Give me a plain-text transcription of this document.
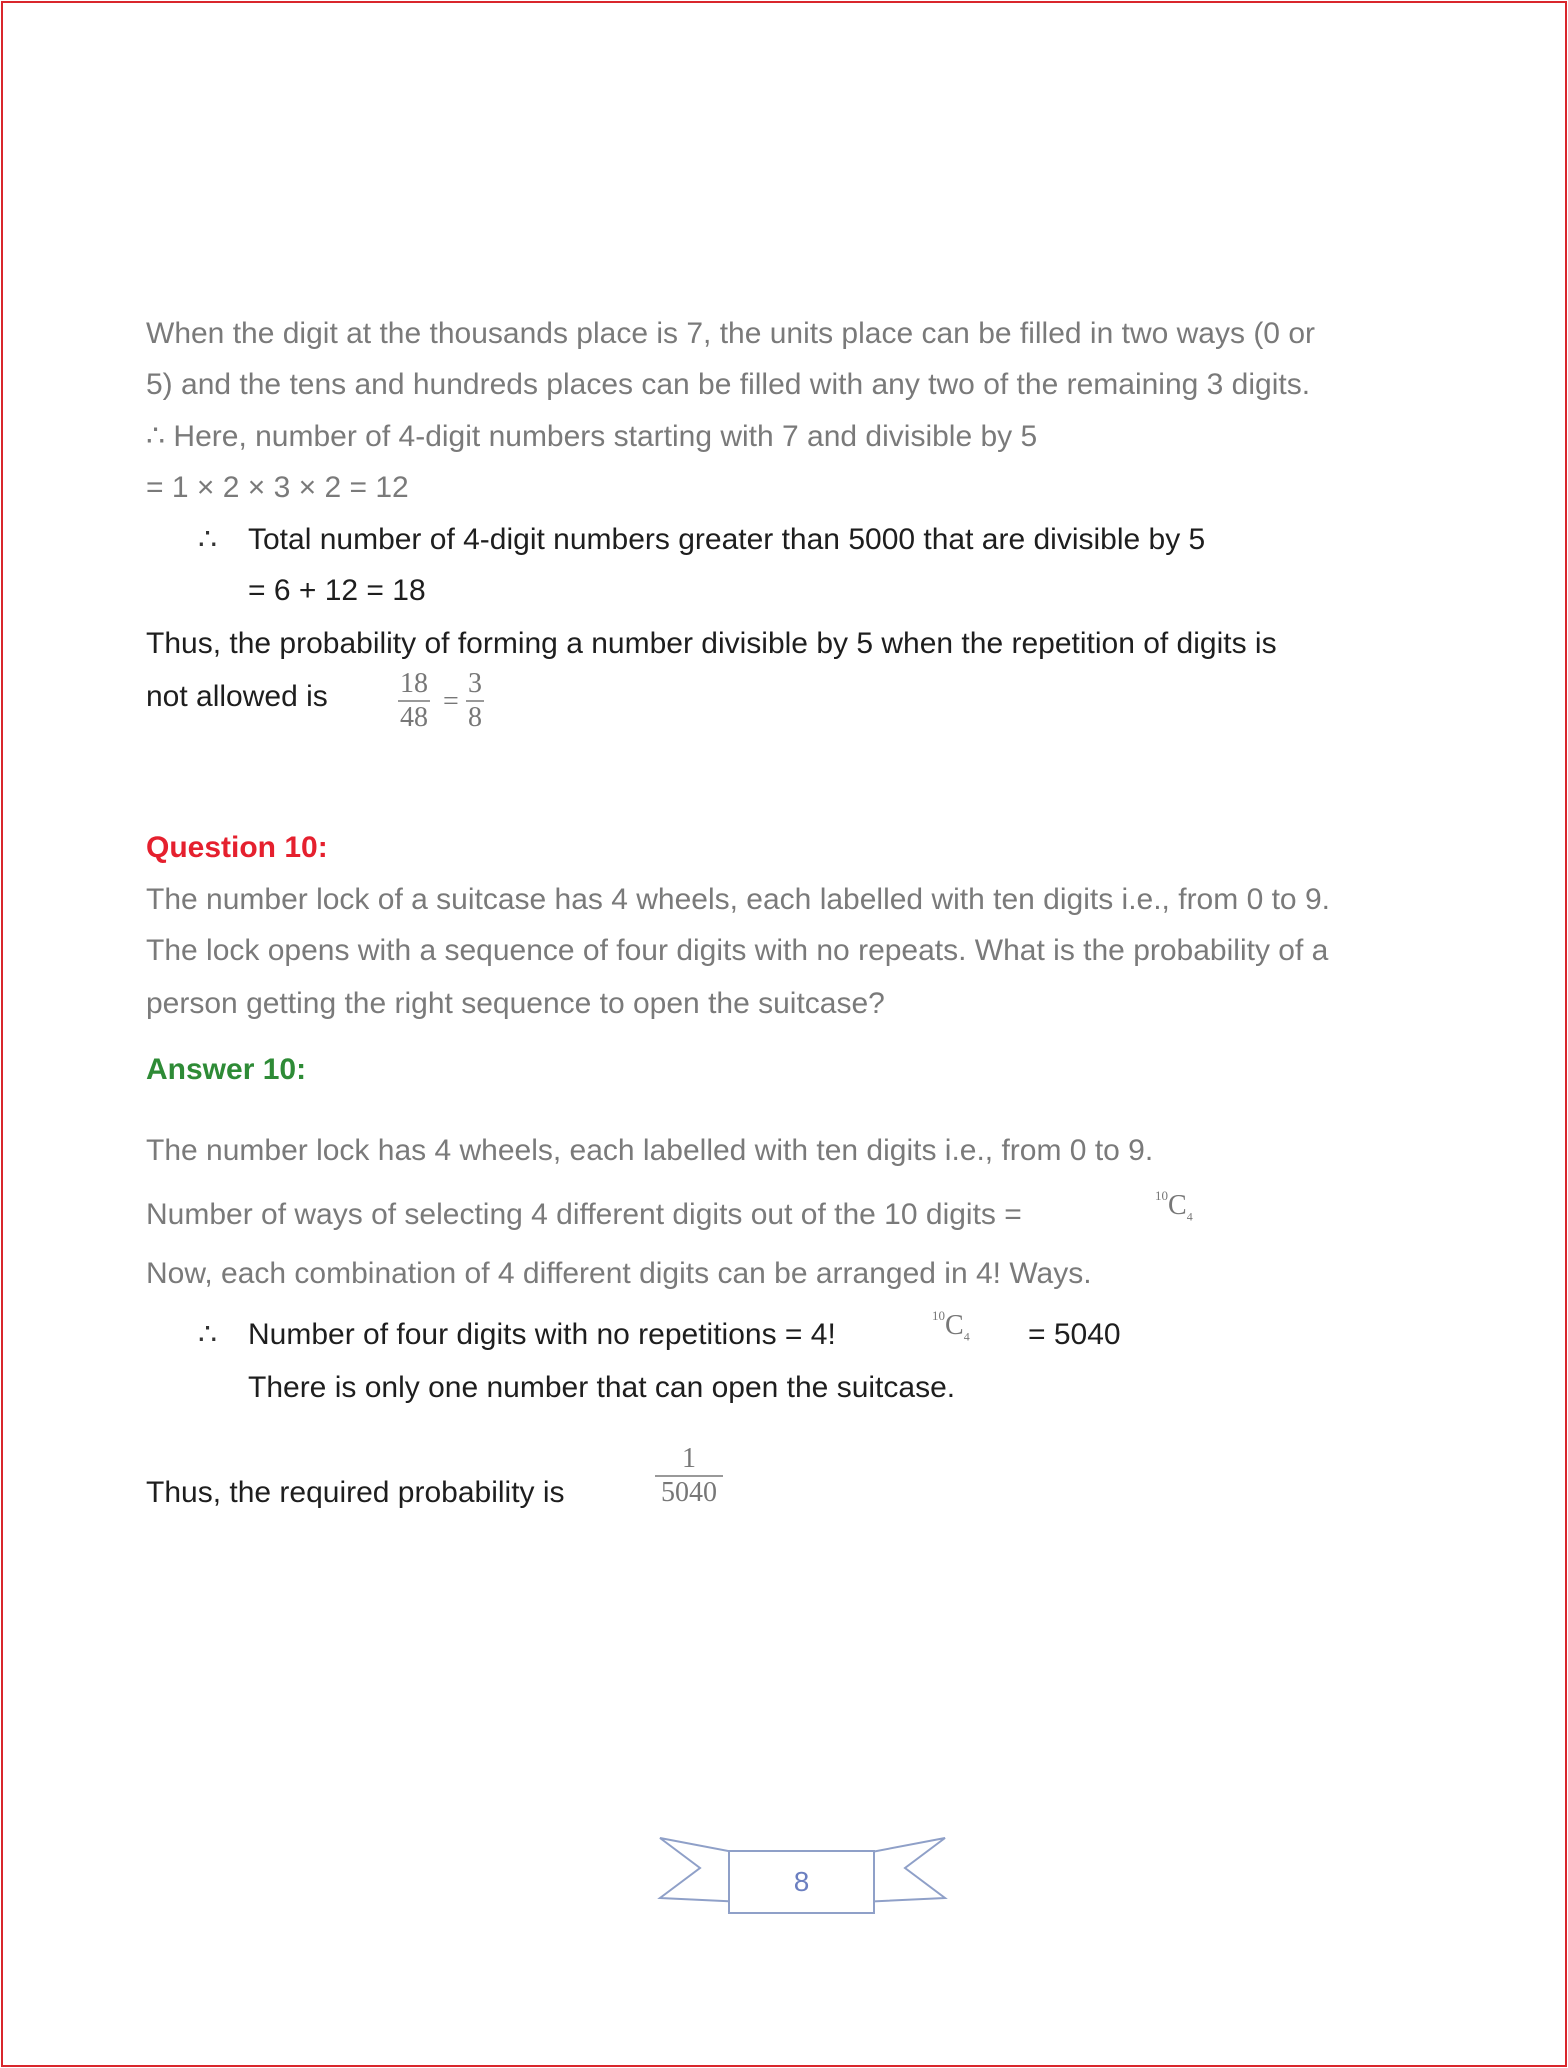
When the digit at the thousands place is 7, the units place can be filled in two ways (0 or
5) and the tens and hundreds places can be filled with any two of the remaining 3 digits.
∴ Here, number of 4-digit numbers starting with 7 and divisible by 5
= 1 × 2 × 3 × 2 = 12
∴ Total number of 4-digit numbers greater than 5000 that are divisible by 5
= 6 + 12 = 18
Thus, the probability of forming a number divisible by 5 when the repetition of digits is
not allowed is	$\frac{18}{48} = \frac{3}{8}$
Question 10:
The number lock of a suitcase has 4 wheels, each labelled with ten digits i.e., from 0 to 9.
The lock opens with a sequence of four digits with no repeats. What is the probability of a
person getting the right sequence to open the suitcase?
Answer 10:
The number lock has 4 wheels, each labelled with ten digits i.e., from 0 to 9.
Number of ways of selecting 4 different digits out of the 10 digits =
$^{10}C_4$
Now, each combination of 4 different digits can be arranged in 4! Ways.
∴ Number of four digits with no repetitions = 4!
$^{10}C_4 = 5040$
There is only one number that can open the suitcase.
Thus, the required probability is	$\frac{1}{5040}$
8
